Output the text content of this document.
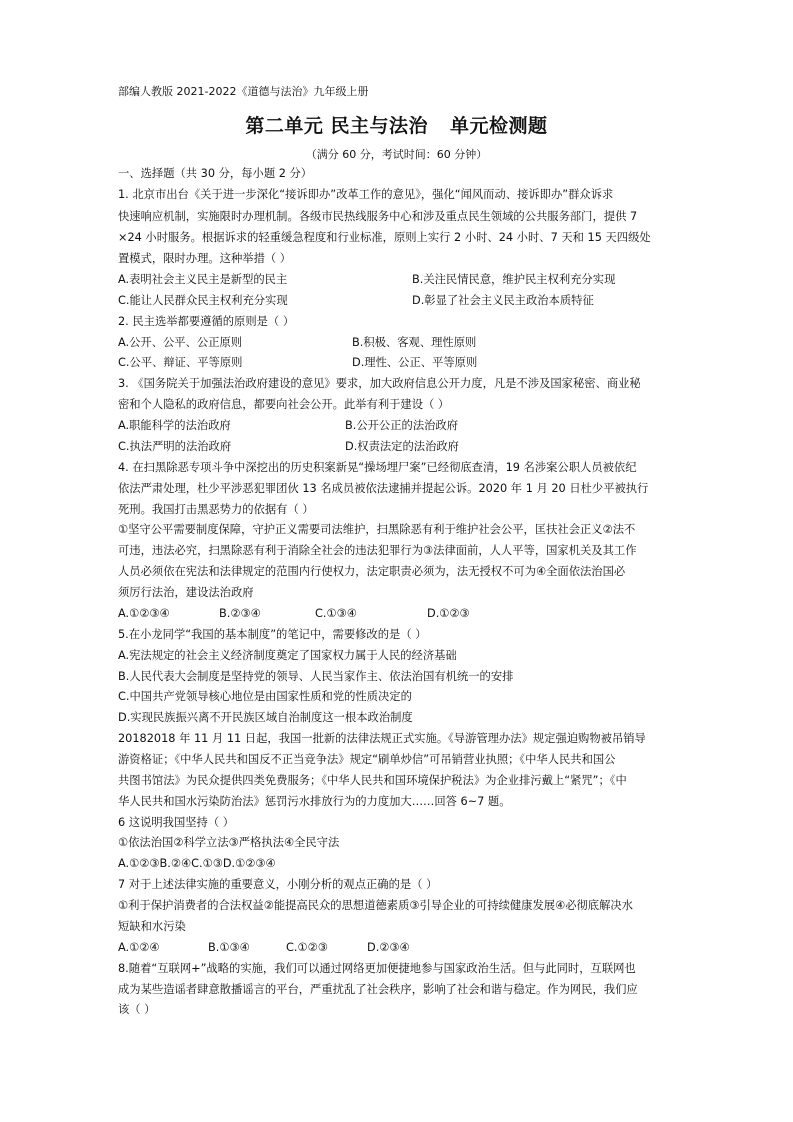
部编人教版 2021-2022《道德与法治》九年级上册
第二单元 民主与法治 单元检测题
（满分 60 分，考试时间：60 分钟）
一、选择题（共 30 分，每小题 2 分）
1. 北京市出台《关于进一步深化“接诉即办”改革工作的意见》，强化“闻风而动、接诉即办”群众诉求
快速响应机制，实施限时办理机制。各级市民热线服务中心和涉及重点民生领域的公共服务部门，提供 7
×24 小时服务。根据诉求的轻重缓急程度和行业标准，原则上实行 2 小时、24 小时、7 天和 15 天四级处
置模式，限时办理。这种举措（ ）
A.表明社会主义民主是新型的民主	B.关注民情民意，维护民主权利充分实现
C.能让人民群众民主权利充分实现	D.彰显了社会主义民主政治本质特征
2. 民主选举都要遵循的原则是（ ）
A.公开、公平、公正原则	B.积极、客观、理性原则
C.公平、辩证、平等原则	D.理性、公正、平等原则
3. 《国务院关于加强法治政府建设的意见》要求，加大政府信息公开力度，凡是不涉及国家秘密、商业秘
密和个人隐私的政府信息，都要向社会公开。此举有利于建设（ ）
A.职能科学的法治政府	B.公开公正的法治政府
C.执法严明的法治政府	D.权责法定的法治政府
4. 在扫黑除恶专项斗争中深挖出的历史积案新晃“操场埋尸案”已经彻底查清，19 名涉案公职人员被依纪
依法严肃处理，杜少平涉恶犯罪团伙 13 名成员被依法逮捕并提起公诉。2020 年 1 月 20 日杜少平被执行
死刑。我国打击黑恶势力的依据有（ ）
①坚守公平需要制度保障，守护正义需要司法维护，扫黑除恶有利于维护社会公平，匡扶社会正义②法不
可违，违法必究，扫黑除恶有利于消除全社会的违法犯罪行为③法律面前，人人平等，国家机关及其工作
人员必须依在宪法和法律规定的范围内行使权力，法定职责必须为，法无授权不可为④全面依法治国必
须厉行法治，建设法治政府
A.①②③④	B.②③④	C.①③④	D.①②③
5.在小龙同学“我国的基本制度”的笔记中，需要修改的是（ ）
A.宪法规定的社会主义经济制度奠定了国家权力属于人民的经济基础
B.人民代表大会制度是坚持党的领导、人民当家作主、依法治国有机统一的安排
C.中国共产党领导核心地位是由国家性质和党的性质决定的
D.实现民族振兴离不开民族区域自治制度这一根本政治制度
20182018 年 11 月 11 日起，我国一批新的法律法规正式实施。《导游管理办法》规定强迫购物被吊销导
游资格证；《中华人民共和国反不正当竞争法》规定“刷单炒信”可吊销营业执照；《中华人民共和国公
共图书馆法》为民众提供四类免费服务；《中华人民共和国环境保护税法》为企业排污戴上“紧咒”；《中
华人民共和国水污染防治法》惩罚污水排放行为的力度加大……回答 6~7 题。
6 这说明我国坚持（ ）
①依法治国②科学立法③严格执法④全民守法
A.①②③B.②④C.①③D.①②③④
7 对于上述法律实施的重要意义，小刚分析的观点正确的是（ ）
①利于保护消费者的合法权益②能提高民众的思想道德素质③引导企业的可持续健康发展④必彻底解决水
短缺和水污染
A.①②④	B.①③④	C.①②③	D.②③④
8.随着“互联网+”战略的实施，我们可以通过网络更加便捷地参与国家政治生活。但与此同时，互联网也
成为某些造谣者肆意散播谣言的平台，严重扰乱了社会秩序，影响了社会和谐与稳定。作为网民，我们应
该（ ）
